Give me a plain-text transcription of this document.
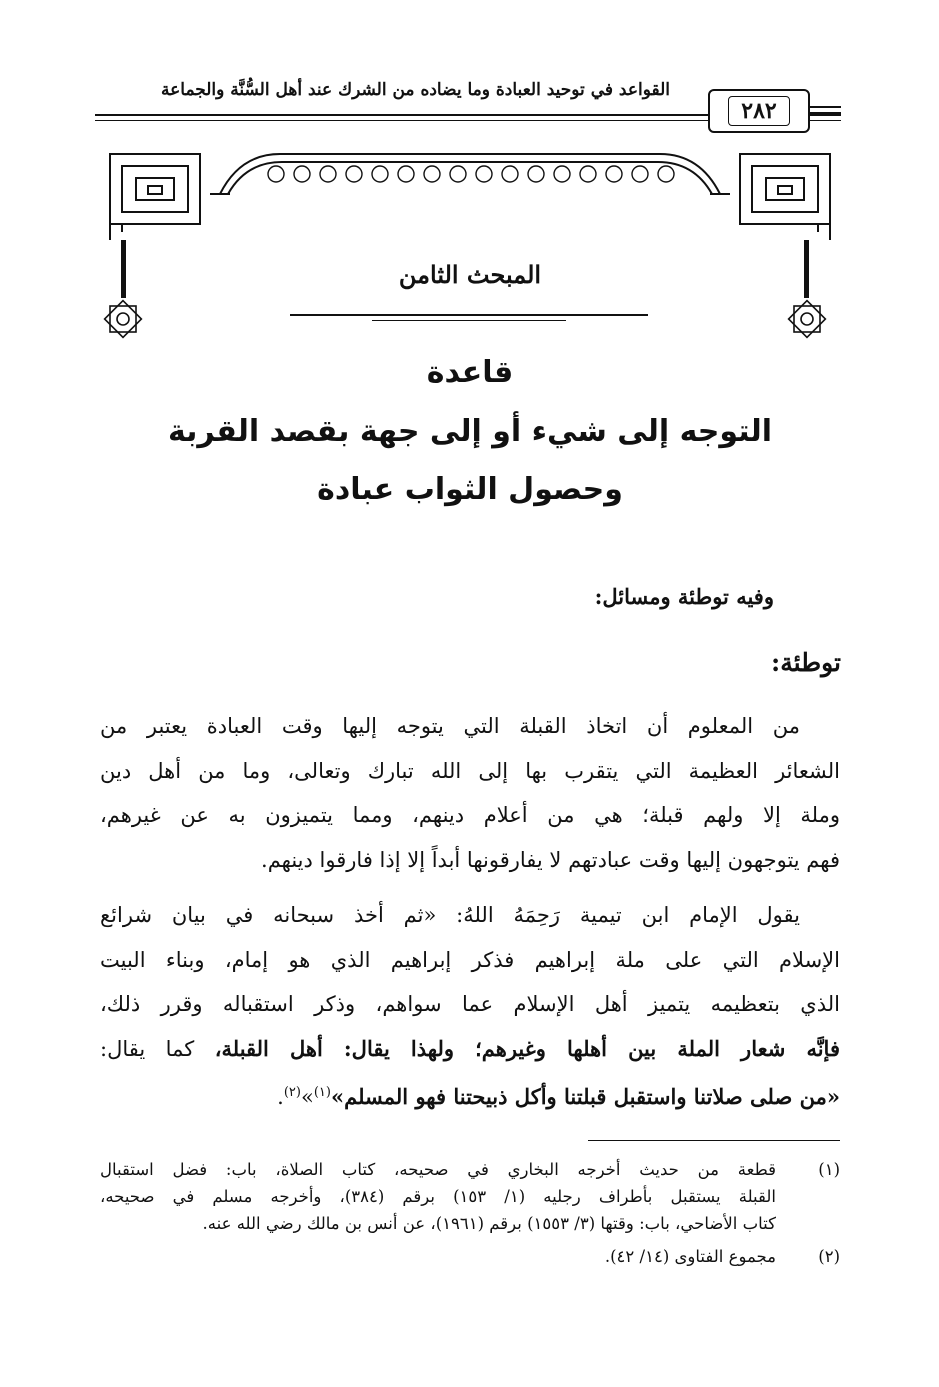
القواعد في توحيد العبادة وما يضاده من الشرك عند أهل السُّنَّة والجماعة
٢٨٢
المبحث الثامن
قاعدة
التوجه إلى شيء أو إلى جهة بقصد القربة
وحصول الثواب عبادة
وفيه توطئة ومسائل:
توطئة:
من المعلوم أن اتخاذ القبلة التي يتوجه إليها وقت العبادة يعتبر من
الشعائر العظيمة التي يتقرب بها إلى الله تبارك وتعالى، وما من أهل دين
وملة إلا ولهم قبلة؛ هي من أعلام دينهم، ومما يتميزون به عن غيرهم،
فهم يتوجهون إليها وقت عبادتهم لا يفارقونها أبداً إلا إذا فارقوا دينهم.
يقول الإمام ابن تيمية رَحِمَهُ اللهُ: «ثم أخذ سبحانه في بيان شرائع
الإسلام التي على ملة إبراهيم فذكر إبراهيم الذي هو إمام، وبناء البيت
الذي بتعظيمه يتميز أهل الإسلام عما سواهم، وذكر استقباله وقرر ذلك،
فإنَّه شعار الملة بين أهلها وغيرهم؛ ولهذا يقال: أهل القبلة، كما يقال:
«من صلى صلاتنا واستقبل قبلتنا وأكل ذبيحتنا فهو المسلم»$^{(١)}$»$^{(٢)}$.
(١)
قطعة من حديث أخرجه البخاري في صحيحه، كتاب الصلاة، باب: فضل استقبال
القبلة يستقبل بأطراف رجليه (١/ ١٥٣) برقم (٣٨٤)، وأخرجه مسلم في صحيحه،
كتاب الأضاحي، باب: وقتها (٣/ ١٥٥٣) برقم (١٩٦١)، عن أنس بن مالك رضي الله عنه.
(٢)
مجموع الفتاوى (١٤/ ٤٢).
